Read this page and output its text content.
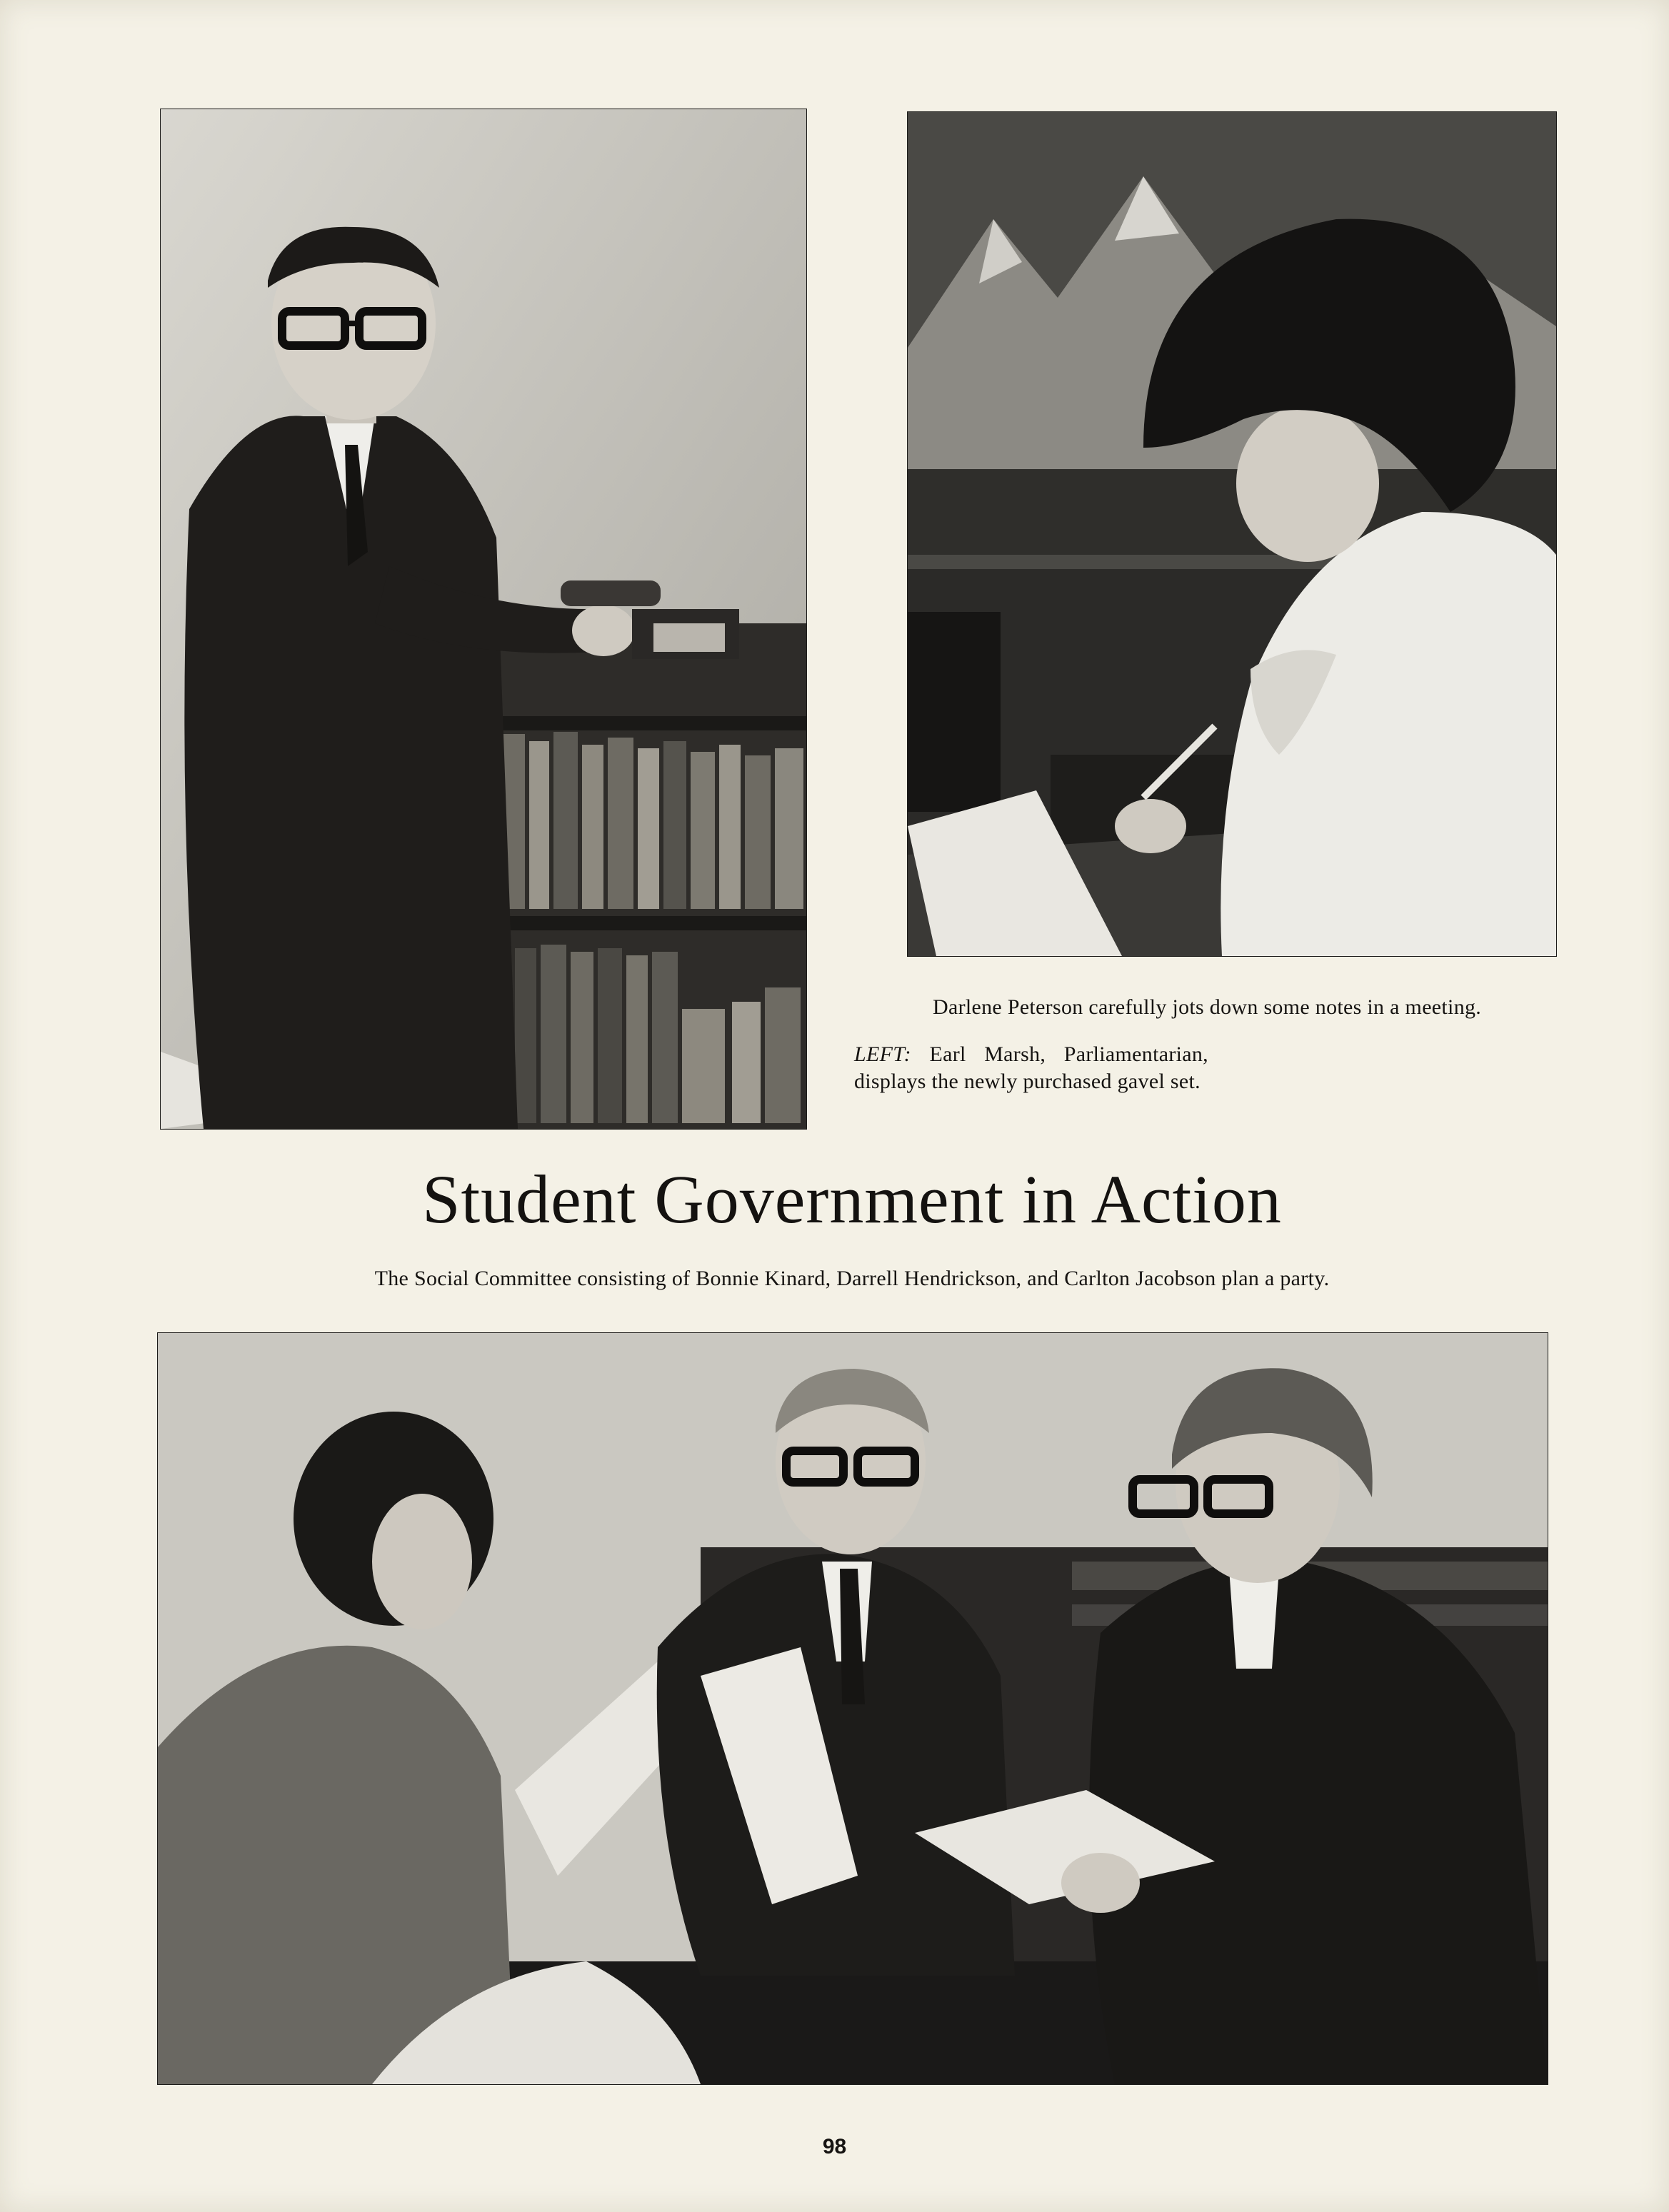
Darlene Peterson carefully jots down some notes in a meeting.
LEFT: Earl Marsh, Parliamentarian, displays the newly purchased gavel set.
Student Government in Action
The Social Committee consisting of Bonnie Kinard, Darrell Hendrickson, and Carlton Jacobson plan a party.
98
